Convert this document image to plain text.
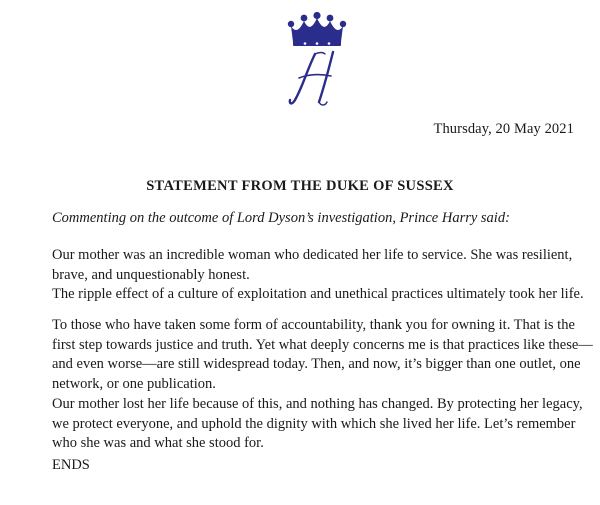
Thursday, 20 May 2021
STATEMENT FROM THE DUKE OF SUSSEX
Commenting on the outcome of Lord Dyson’s investigation, Prince Harry said:

Our mother was an incredible woman who dedicated her life to service. She was resilient,
brave, and unquestionably honest.
The ripple effect of a culture of exploitation and unethical practices ultimately took her life.

To those who have taken some form of accountability, thank you for owning it. That is the
first step towards justice and truth. Yet what deeply concerns me is that practices like these—
and even worse—are still widespread today. Then, and now, it’s bigger than one outlet, one
network, or one publication.

Our mother lost her life because of this, and nothing has changed. By protecting her legacy,
we protect everyone, and uphold the dignity with which she lived her life. Let’s remember
who she was and what she stood for.

ENDS
